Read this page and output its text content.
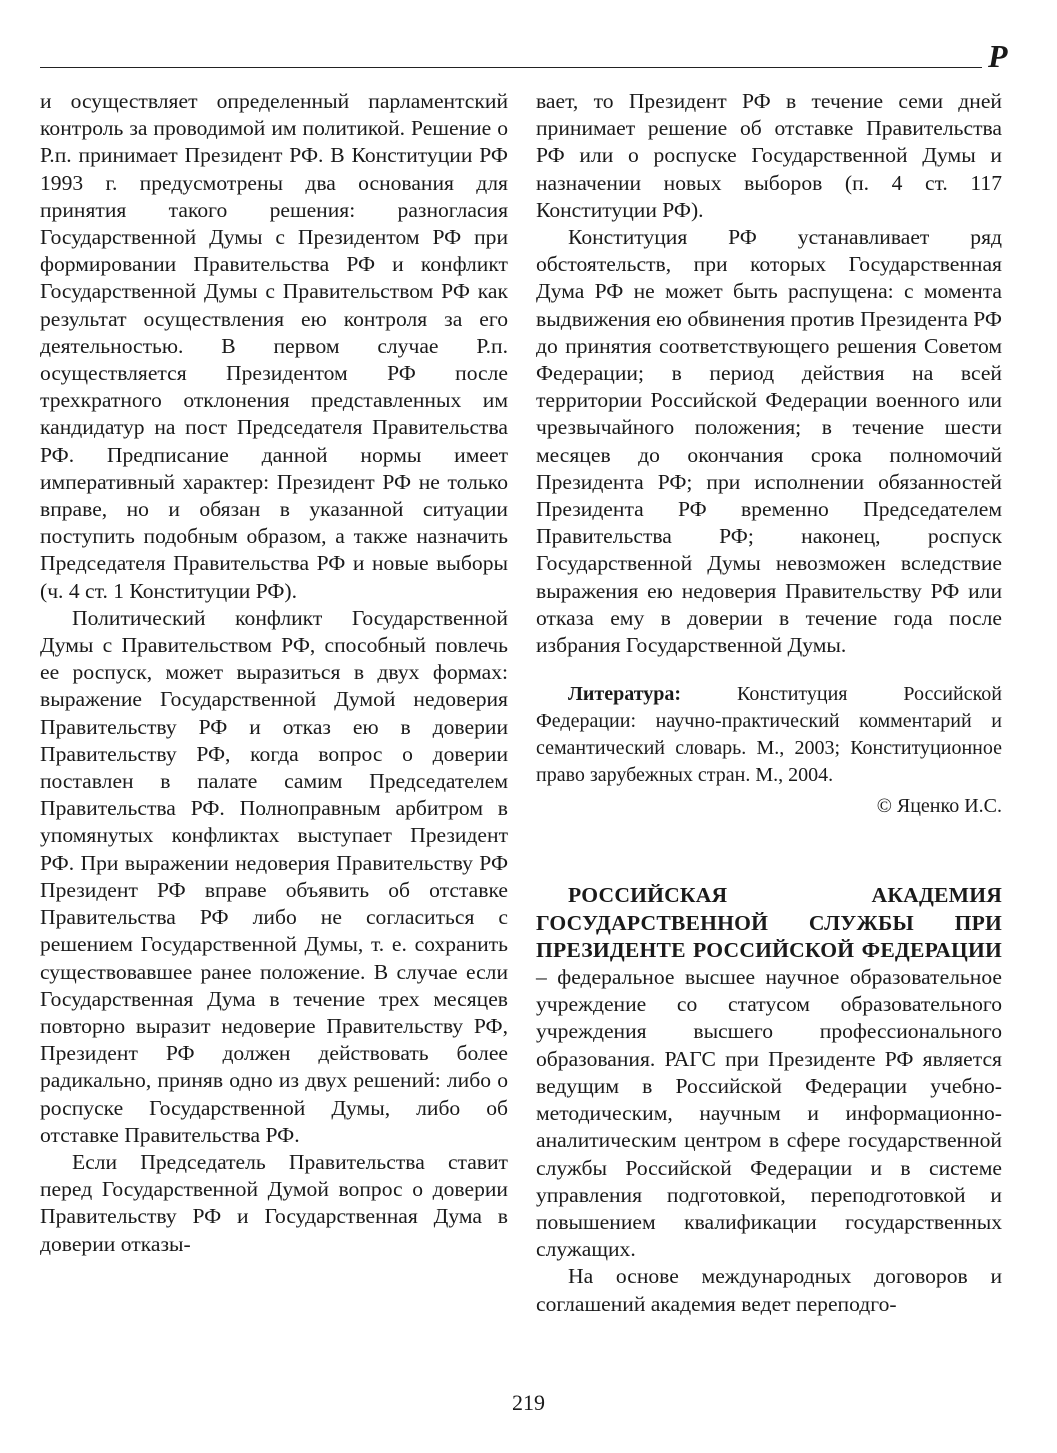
Р

и осуществляет определенный парламентский контроль за проводимой им политикой. Решение о Р.п. принимает Президент РФ. В Конституции РФ 1993 г. предусмотрены два основания для принятия такого решения: разногласия Государственной Думы с Президентом РФ при формировании Правительства РФ и конфликт Государственной Думы с Правительством РФ как результат осуществления ею контроля за его деятельностью. В первом случае Р.п. осуществляется Президентом РФ после трехкратного отклонения представленных им кандидатур на пост Председателя Правительства РФ. Предписание данной нормы имеет императивный характер: Президент РФ не только вправе, но и обязан в указанной ситуации поступить подобным образом, а также назначить Председателя Правительства РФ и новые выборы (ч. 4 ст. 1 Конституции РФ).

Политический конфликт Государственной Думы с Правительством РФ, способный повлечь ее роспуск, может выразиться в двух формах: выражение Государственной Думой недоверия Правительству РФ и отказ ею в доверии Правительству РФ, когда вопрос о доверии поставлен в палате самим Председателем Правительства РФ. Полноправным арбитром в упомянутых конфликтах выступает Президент РФ. При выражении недоверия Правительству РФ Президент РФ вправе объявить об отставке Правительства РФ либо не согласиться с решением Государственной Думы, т. е. сохранить существовавшее ранее положение. В случае если Государственная Дума в течение трех месяцев повторно выразит недоверие Правительству РФ, Президент РФ должен действовать более радикально, приняв одно из двух решений: либо о роспуске Государственной Думы, либо об отставке Правительства РФ.

Если Председатель Правительства ставит перед Государственной Думой вопрос о доверии Правительству РФ и Государственная Дума в доверии отказы-

вает, то Президент РФ в течение семи дней принимает решение об отставке Правительства РФ или о роспуске Государственной Думы и назначении новых выборов (п. 4 ст. 117 Конституции РФ).

Конституция РФ устанавливает ряд обстоятельств, при которых Государственная Дума РФ не может быть распущена: с момента выдвижения ею обвинения против Президента РФ до принятия соответствующего решения Советом Федерации; в период действия на всей территории Российской Федерации военного или чрезвычайного положения; в течение шести месяцев до окончания срока полномочий Президента РФ; при исполнении обязанностей Президента РФ временно Председателем Правительства РФ; наконец, роспуск Государственной Думы невозможен вследствие выражения ею недоверия Правительству РФ или отказа ему в доверии в течение года после избрания Государственной Думы.

Литература: Конституция Российской Федерации: научно-практический комментарий и семантический словарь. М., 2003; Конституционное право зарубежных стран. М., 2004.

© Яценко И.С.

РОССИЙСКАЯ АКАДЕМИЯ ГОСУДАРСТВЕННОЙ СЛУЖБЫ ПРИ ПРЕЗИДЕНТЕ РОССИЙСКОЙ ФЕДЕРАЦИИ – федеральное высшее научное образовательное учреждение со статусом образовательного учреждения высшего профессионального образования. РАГС при Президенте РФ является ведущим в Российской Федерации учебно-методическим, научным и информационно-аналитическим центром в сфере государственной службы Российской Федерации и в системе управления подготовкой, переподготовкой и повышением квалификации государственных служащих.

На основе международных договоров и соглашений академия ведет переподго-

219
